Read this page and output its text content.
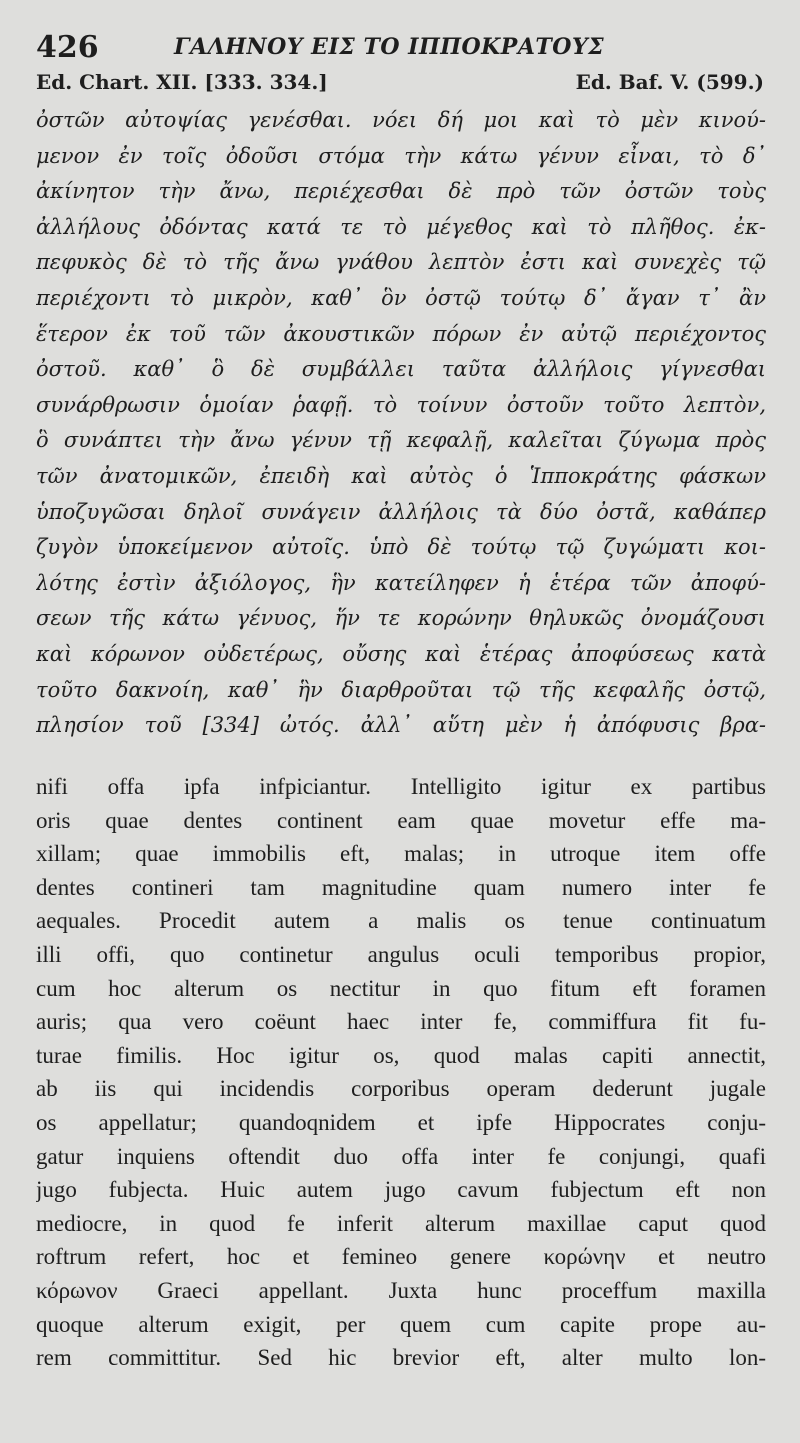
426	ΓΑΛΗΝΟΥ ΕΙΣ ΤΟ ΙΠΠΟΚΡΑΤΟΥΣ
Ed. Chart. XII. [333. 334.]	Ed. Baf. V. (599.)
ὀστῶν αὐτοψίας γενέσθαι. νόει δή μοι καὶ τὸ μὲν κινού-
μενον ἐν τοῖς ὀδοῦσι στόμα τὴν κάτω γένυν εἶναι, τὸ δ᾽
ἀκίνητον τὴν ἄνω, περιέχεσθαι δὲ πρὸ τῶν ὀστῶν τοὺς
ἀλλήλους ὀδόντας κατά τε τὸ μέγεθος καὶ τὸ πλῆθος. ἐκ-
πεφυκὸς δὲ τὸ τῆς ἄνω γνάθου λεπτὸν ἐστι καὶ συνεχὲς τῷ
περιέχοντι τὸ μικρὸν, καθ᾽ ὃν ὀστῷ τούτῳ δ᾽ ἄγαν τ᾽ ἂν
ἕτερον ἐκ τοῦ τῶν ἀκουστικῶν πόρων ἐν αὐτῷ περιέχοντος
ὀστοῦ. καθ᾽ ὃ δὲ συμβάλλει ταῦτα ἀλλήλοις γίγνεσθαι
συνάρθρωσιν ὁμοίαν ῥαφῇ. τὸ τοίνυν ὀστοῦν τοῦτο λεπτὸν,
ὃ συνάπτει τὴν ἄνω γένυν τῇ κεφαλῇ, καλεῖται ζύγωμα πρὸς
τῶν ἀνατομικῶν, ἐπειδὴ καὶ αὐτὸς ὁ Ἱπποκράτης φάσκων
ὑποζυγῶσαι δηλοῖ συνάγειν ἀλλήλοις τὰ δύο ὀστᾶ, καθάπερ
ζυγὸν ὑποκείμενον αὐτοῖς. ὑπὸ δὲ τούτῳ τῷ ζυγώματι κοι-
λότης ἐστὶν ἀξιόλογος, ἣν κατείληφεν ἡ ἑτέρα τῶν ἀποφύ-
σεων τῆς κάτω γένυος, ἥν τε κορώνην θηλυκῶς ὀνομάζουσι
καὶ κόρωνον οὐδετέρως, οὔσης καὶ ἑτέρας ἀποφύσεως κατὰ
τοῦτο δακνοίη, καθ᾽ ἣν διαρθροῦται τῷ τῆς κεφαλῆς ὀστῷ,
πλησίον τοῦ [334] ὠτός. ἀλλ᾽ αὕτη μὲν ἡ ἀπόφυσις βρα-
nifi offa ipfa infpiciantur. Intelligito igitur ex partibus
oris quae dentes continent eam quae movetur effe ma-
xillam; quae immobilis eft, malas; in utroque item offe
dentes contineri tam magnitudine quam numero inter fe
aequales. Procedit autem a malis os tenue continuatum
illi offi, quo continetur angulus oculi temporibus propior,
cum hoc alterum os nectitur in quo fitum eft foramen
auris; qua vero coëunt haec inter fe, commiffura fit fu-
turae fimilis. Hoc igitur os, quod malas capiti annectit,
ab iis qui incidendis corporibus operam dederunt jugale
os appellatur; quandoqnidem et ipfe Hippocrates conju-
gatur inquiens oftendit duo offa inter fe conjungi, quafi
jugo fubjecta. Huic autem jugo cavum fubjectum eft non
mediocre, in quod fe inferit alterum maxillae caput quod
roftrum refert, hoc et femineo genere κορώνην et neutro
κόρωνον Graeci appellant. Juxta hunc proceffum maxilla
quoque alterum exigit, per quem cum capite prope au-
rem committitur. Sed hic brevior eft, alter multo lon-
